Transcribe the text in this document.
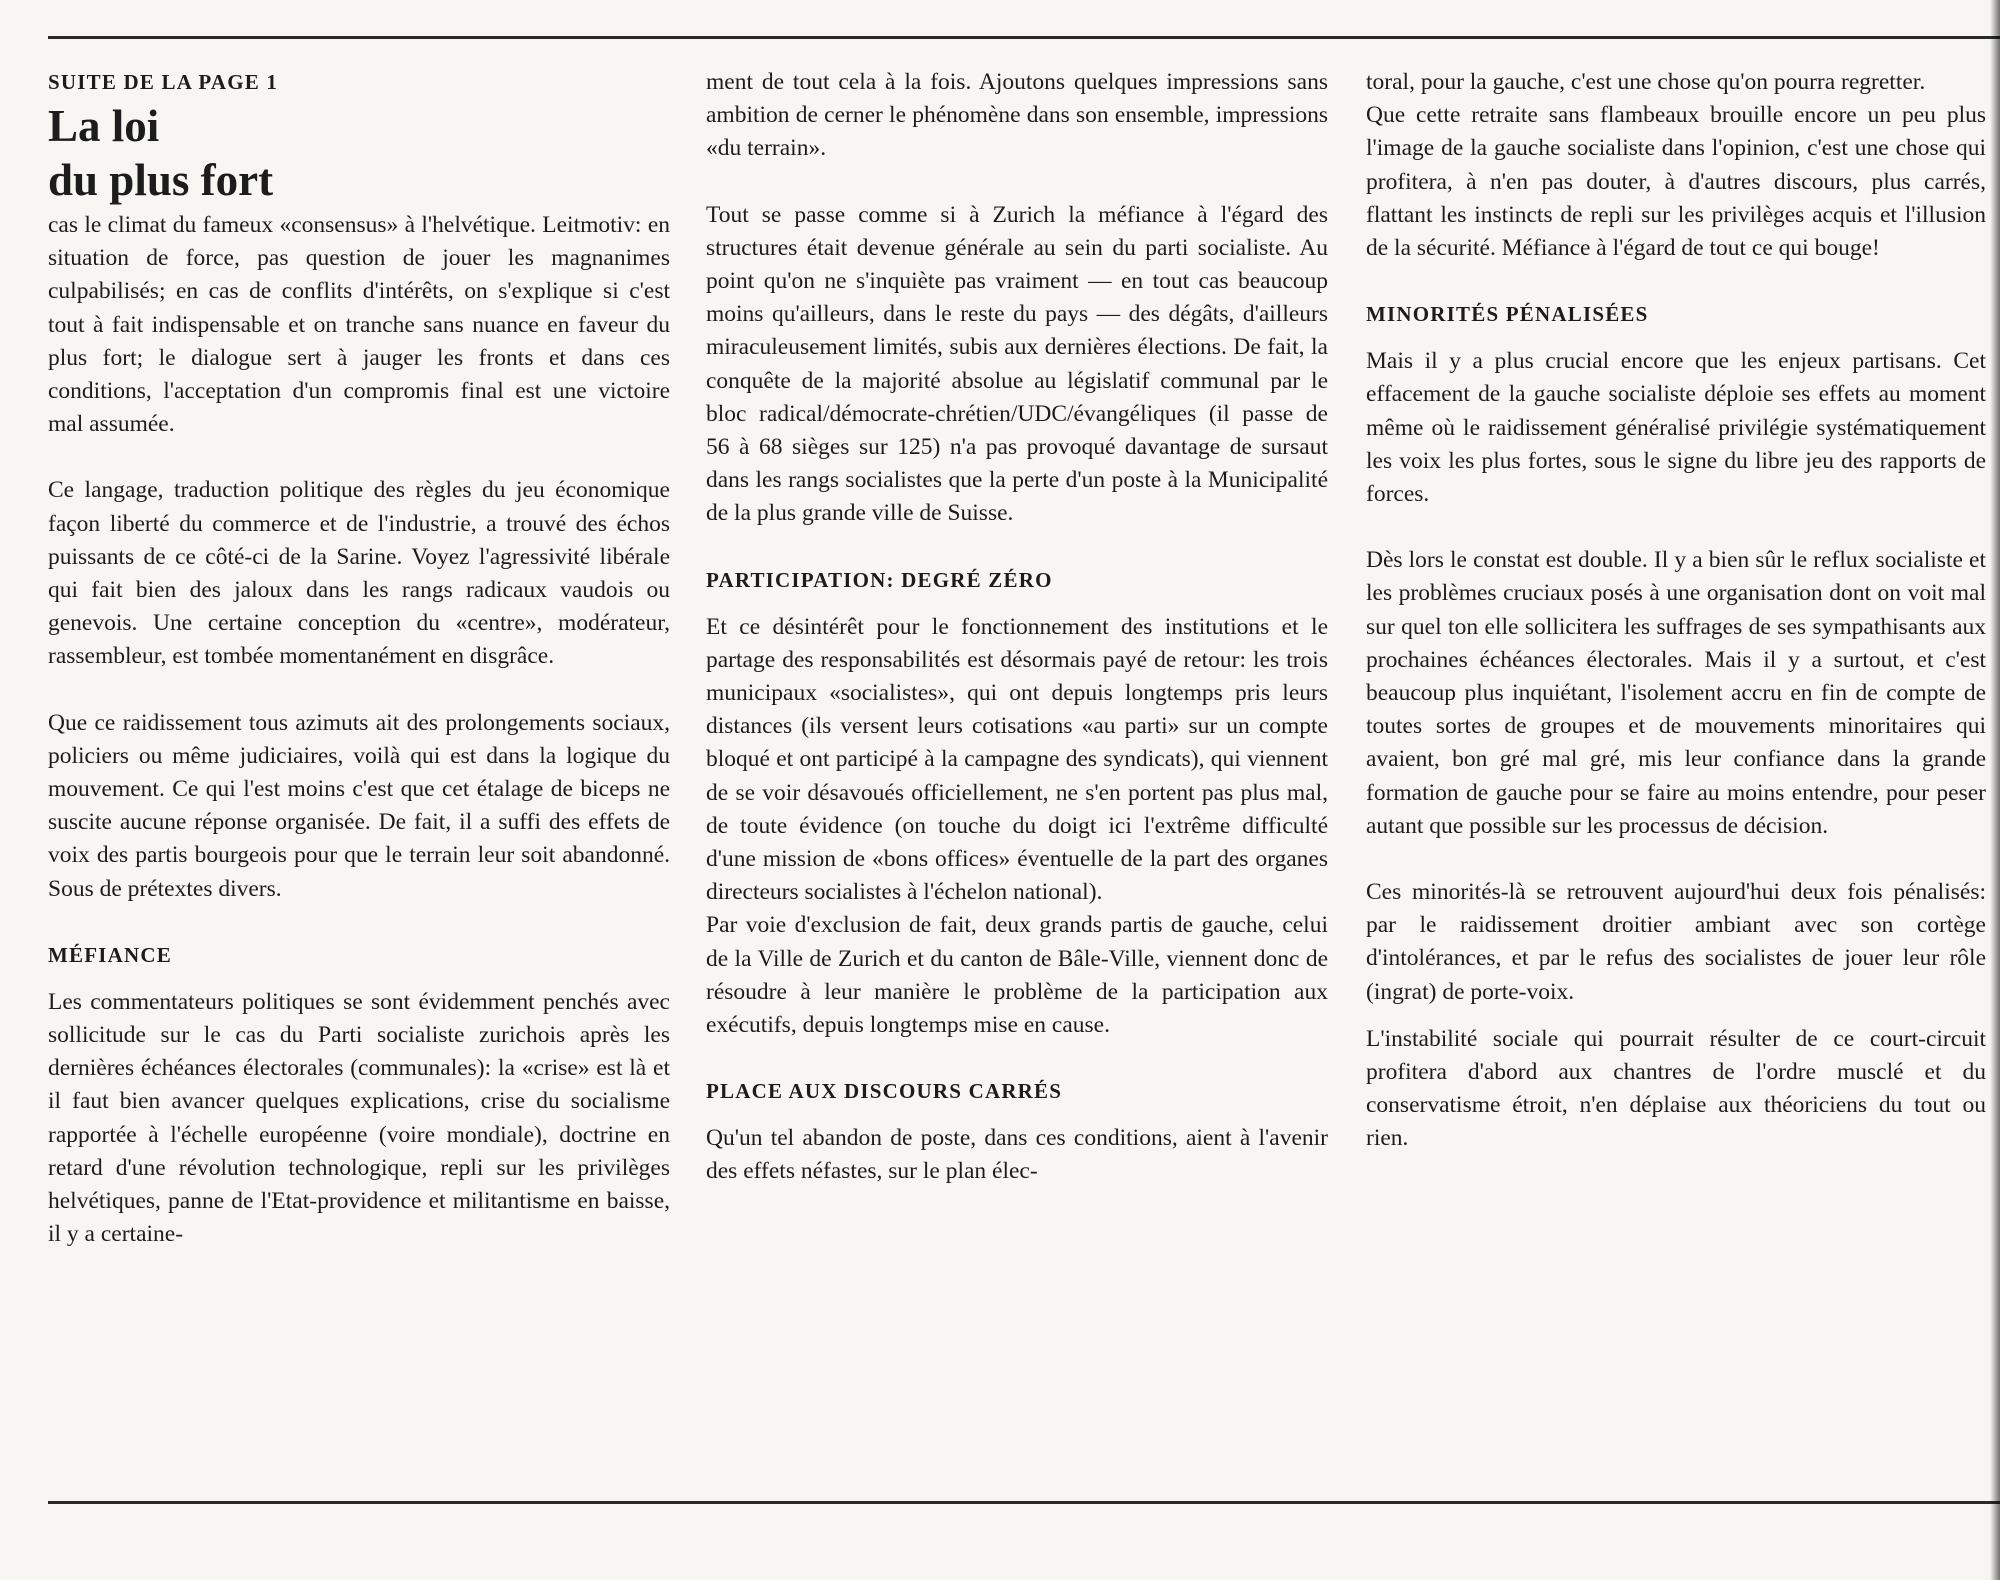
SUITE DE LA PAGE 1

La loi
du plus fort

cas le climat du fameux «consensus» à l'helvétique. Leitmotiv: en situation de force, pas question de jouer les magnanimes culpabilisés; en cas de conflits d'intérêts, on s'explique si c'est tout à fait indispensable et on tranche sans nuance en faveur du plus fort; le dialogue sert à jauger les fronts et dans ces conditions, l'acceptation d'un compromis final est une victoire mal assumée.

Ce langage, traduction politique des règles du jeu économique façon liberté du commerce et de l'industrie, a trouvé des échos puissants de ce côté-ci de la Sarine. Voyez l'agressivité libérale qui fait bien des jaloux dans les rangs radicaux vaudois ou genevois. Une certaine conception du «centre», modérateur, rassembleur, est tombée momentanément en disgrâce.

Que ce raidissement tous azimuts ait des prolongements sociaux, policiers ou même judiciaires, voilà qui est dans la logique du mouvement. Ce qui l'est moins c'est que cet étalage de biceps ne suscite aucune réponse organisée. De fait, il a suffi des effets de voix des partis bourgeois pour que le terrain leur soit abandonné. Sous de prétextes divers.

MÉFIANCE

Les commentateurs politiques se sont évidemment penchés avec sollicitude sur le cas du Parti socialiste zurichois après les dernières échéances électorales (communales): la «crise» est là et il faut bien avancer quelques explications, crise du socialisme rapportée à l'échelle européenne (voire mondiale), doctrine en retard d'une révolution technologique, repli sur les privilèges helvétiques, panne de l'Etat-providence et militantisme en baisse, il y a certaine-

ment de tout cela à la fois. Ajoutons quelques impressions sans ambition de cerner le phénomène dans son ensemble, impressions «du terrain».

Tout se passe comme si à Zurich la méfiance à l'égard des structures était devenue générale au sein du parti socialiste. Au point qu'on ne s'inquiète pas vraiment — en tout cas beaucoup moins qu'ailleurs, dans le reste du pays — des dégâts, d'ailleurs miraculeusement limités, subis aux dernières élections. De fait, la conquête de la majorité absolue au législatif communal par le bloc radical/démocrate-chrétien/UDC/évangéliques (il passe de 56 à 68 sièges sur 125) n'a pas provoqué davantage de sursaut dans les rangs socialistes que la perte d'un poste à la Municipalité de la plus grande ville de Suisse.

PARTICIPATION: DEGRÉ ZÉRO

Et ce désintérêt pour le fonctionnement des institutions et le partage des responsabilités est désormais payé de retour: les trois municipaux «socialistes», qui ont depuis longtemps pris leurs distances (ils versent leurs cotisations «au parti» sur un compte bloqué et ont participé à la campagne des syndicats), qui viennent de se voir désavoués officiellement, ne s'en portent pas plus mal, de toute évidence (on touche du doigt ici l'extrême difficulté d'une mission de «bons offices» éventuelle de la part des organes directeurs socialistes à l'échelon national).

Par voie d'exclusion de fait, deux grands partis de gauche, celui de la Ville de Zurich et du canton de Bâle-Ville, viennent donc de résoudre à leur manière le problème de la participation aux exécutifs, depuis longtemps mise en cause.

PLACE AUX DISCOURS CARRÉS

Qu'un tel abandon de poste, dans ces conditions, aient à l'avenir des effets néfastes, sur le plan élec-

toral, pour la gauche, c'est une chose qu'on pourra regretter.

Que cette retraite sans flambeaux brouille encore un peu plus l'image de la gauche socialiste dans l'opinion, c'est une chose qui profitera, à n'en pas douter, à d'autres discours, plus carrés, flattant les instincts de repli sur les privilèges acquis et l'illusion de la sécurité. Méfiance à l'égard de tout ce qui bouge!

MINORITÉS PÉNALISÉES

Mais il y a plus crucial encore que les enjeux partisans. Cet effacement de la gauche socialiste déploie ses effets au moment même où le raidissement généralisé privilégie systématiquement les voix les plus fortes, sous le signe du libre jeu des rapports de forces.

Dès lors le constat est double. Il y a bien sûr le reflux socialiste et les problèmes cruciaux posés à une organisation dont on voit mal sur quel ton elle sollicitera les suffrages de ses sympathisants aux prochaines échéances électorales. Mais il y a surtout, et c'est beaucoup plus inquiétant, l'isolement accru en fin de compte de toutes sortes de groupes et de mouvements minoritaires qui avaient, bon gré mal gré, mis leur confiance dans la grande formation de gauche pour se faire au moins entendre, pour peser autant que possible sur les processus de décision.

Ces minorités-là se retrouvent aujourd'hui deux fois pénalisés: par le raidissement droitier ambiant avec son cortège d'intolérances, et par le refus des socialistes de jouer leur rôle (ingrat) de porte-voix.

L'instabilité sociale qui pourrait résulter de ce court-circuit profitera d'abord aux chantres de l'ordre musclé et du conservatisme étroit, n'en déplaise aux théoriciens du tout ou rien.
